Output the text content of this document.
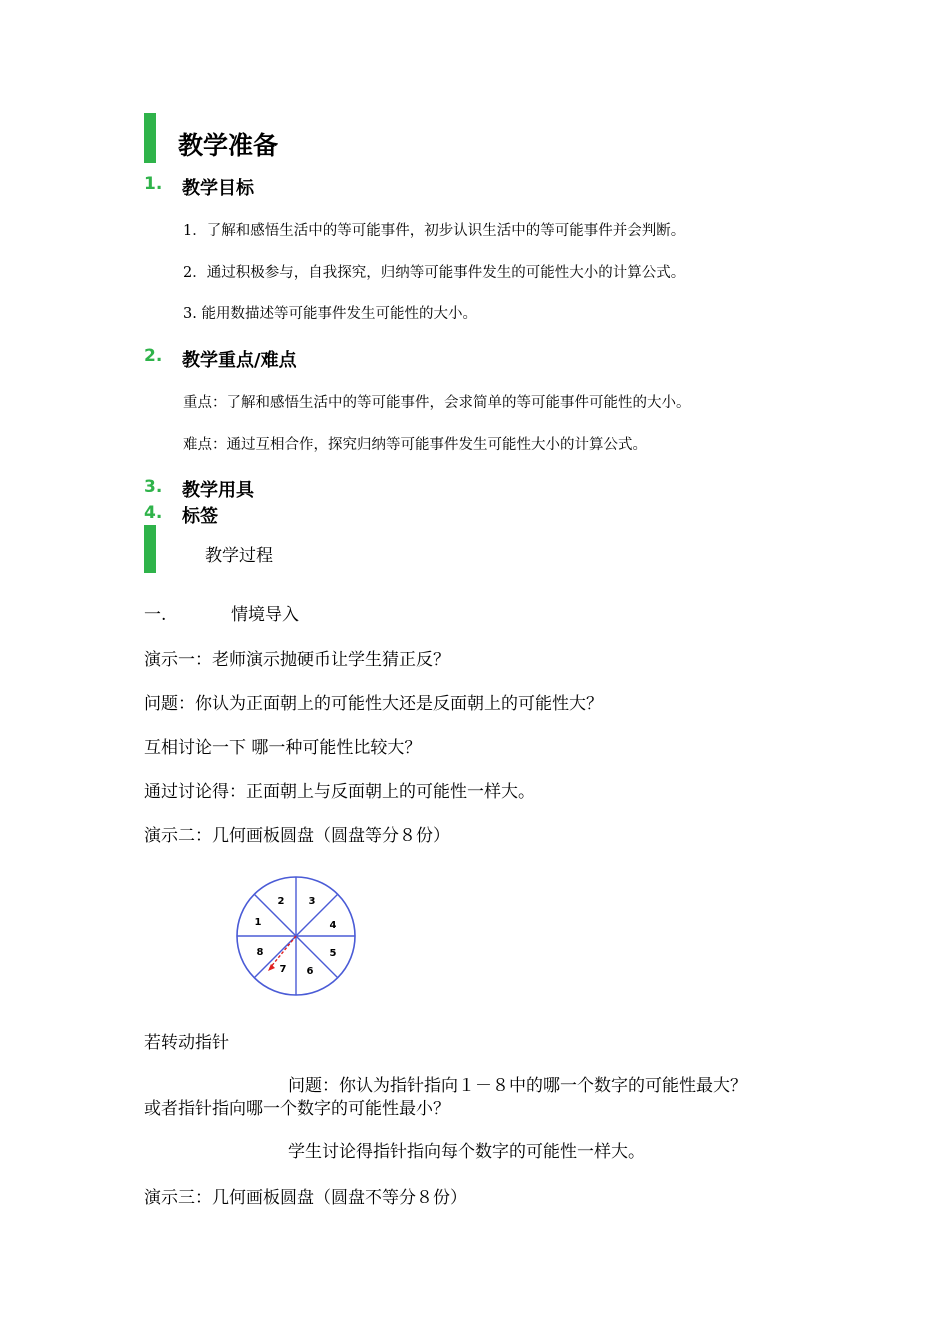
教学准备
1. 教学目标
1．了解和感悟生活中的等可能事件，初步认识生活中的等可能事件并会判断。
2．通过积极参与，自我探究，归纳等可能事件发生的可能性大小的计算公式。
3. 能用数描述等可能事件发生可能性的大小。
2. 教学重点/难点
重点：了解和感悟生活中的等可能事件，会求简单的等可能事件可能性的大小。
难点：通过互相合作，探究归纳等可能事件发生可能性大小的计算公式。
3. 教学用具
4. 标签
教学过程
一.	情境导入
演示一：老师演示抛硬币让学生猜正反？
问题：你认为正面朝上的可能性大还是反面朝上的可能性大？
互相讨论一下 哪一种可能性比较大？
通过讨论得：正面朝上与反面朝上的可能性一样大。
演示二：几何画板圆盘（圆盘等分８份）
2 3
4
5
6
7
8
1
若转动指针
问题：你认为指针指向１－８中的哪一个数字的可能性最大？
或者指针指向哪一个数字的可能性最小？
学生讨论得指针指向每个数字的可能性一样大。
演示三：几何画板圆盘（圆盘不等分８份）
